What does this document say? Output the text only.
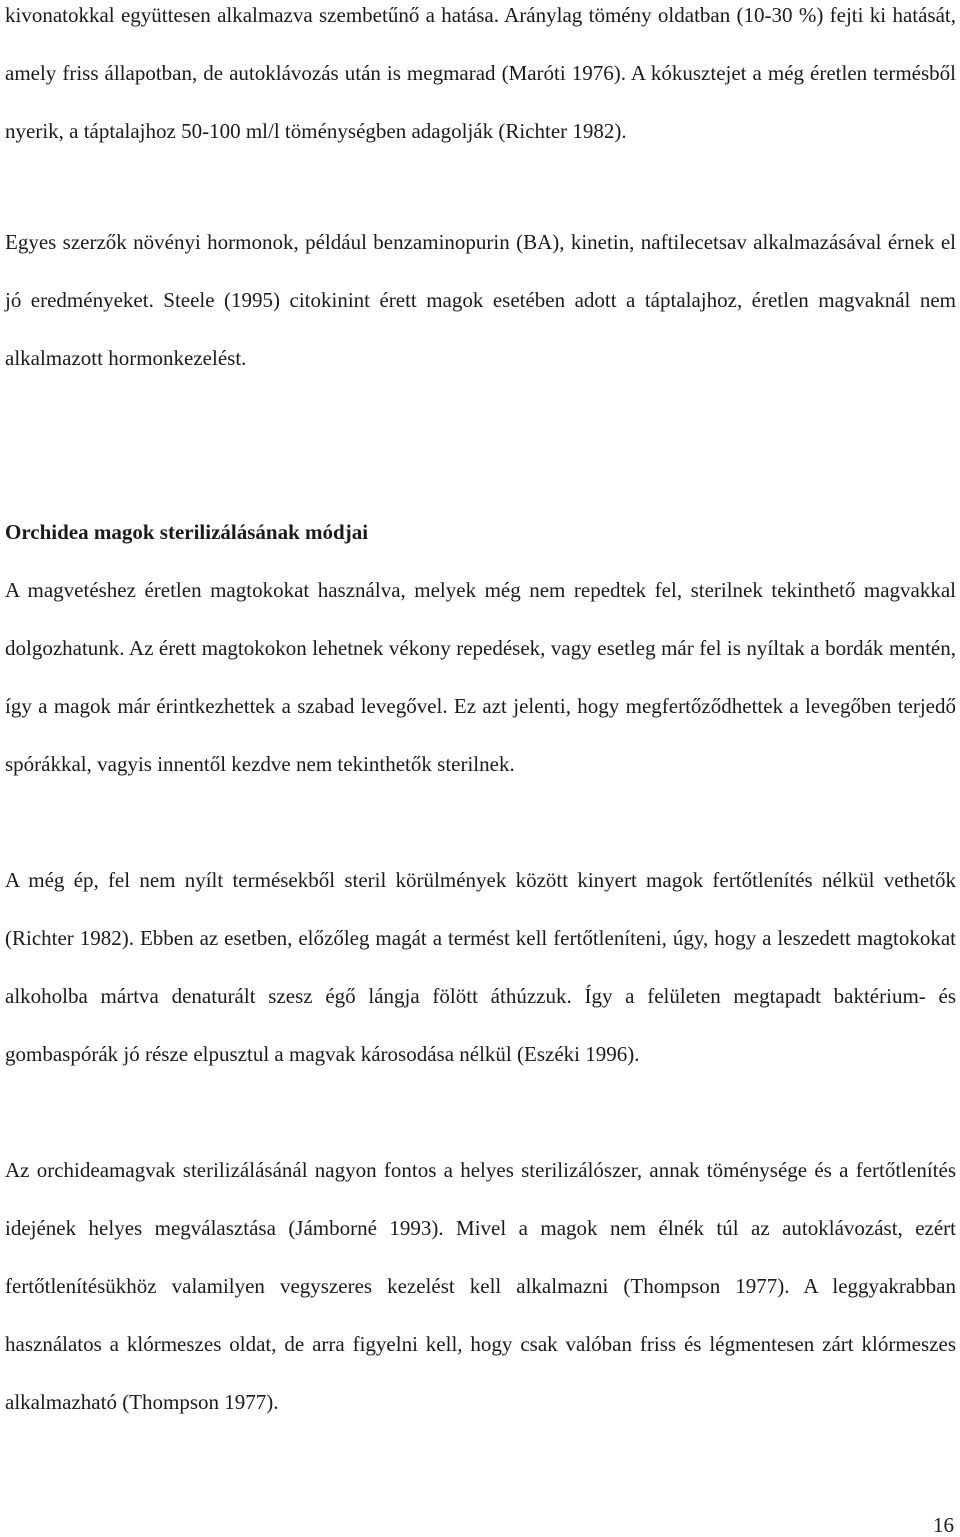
kivonatokkal együttesen alkalmazva szembetűnő a hatása. Aránylag tömény oldatban (10-30 %) fejti ki hatását, amely friss állapotban, de autoklávozás után is megmarad (Maróti 1976). A kókusztejet a még éretlen termésből nyerik, a táptalajhoz 50-100 ml/l töménységben adagolják (Richter 1982).

Egyes szerzők növényi hormonok, például benzaminopurin (BA), kinetin, naftilecetsav alkalmazásával érnek el jó eredményeket. Steele (1995) citokinint érett magok esetében adott a táptalajhoz, éretlen magvaknál nem alkalmazott hormonkezelést.

Orchidea magok sterilizálásának módjai

A magvetéshez éretlen magtokokat használva, melyek még nem repedtek fel, sterilnek tekinthető magvakkal dolgozhatunk. Az érett magtokokon lehetnek vékony repedések, vagy esetleg már fel is nyíltak a bordák mentén, így a magok már érintkezhettek a szabad levegővel. Ez azt jelenti, hogy megfertőződhettek a levegőben terjedő spórákkal, vagyis innentől kezdve nem tekinthetők sterilnek.

A még ép, fel nem nyílt termésekből steril körülmények között kinyert magok fertőtlenítés nélkül vethetők (Richter 1982). Ebben az esetben, előzőleg magát a termést kell fertőtleníteni, úgy, hogy a leszedett magtokokat alkoholba mártva denaturált szesz égő lángja fölött áthúzzuk. Így a felületen megtapadt baktérium- és gombaspórák jó része elpusztul a magvak károsodása nélkül (Eszéki 1996).

Az orchideamagvak sterilizálásánál nagyon fontos a helyes sterilizálószer, annak töménysége és a fertőtlenítés idejének helyes megválasztása (Jámborné 1993). Mivel a magok nem élnék túl az autoklávozást, ezért fertőtlenítésükhöz valamilyen vegyszeres kezelést kell alkalmazni (Thompson 1977). A leggyakrabban használatos a klórmeszes oldat, de arra figyelni kell, hogy csak valóban friss és légmentesen zárt klórmeszes alkalmazható (Thompson 1977).

16
